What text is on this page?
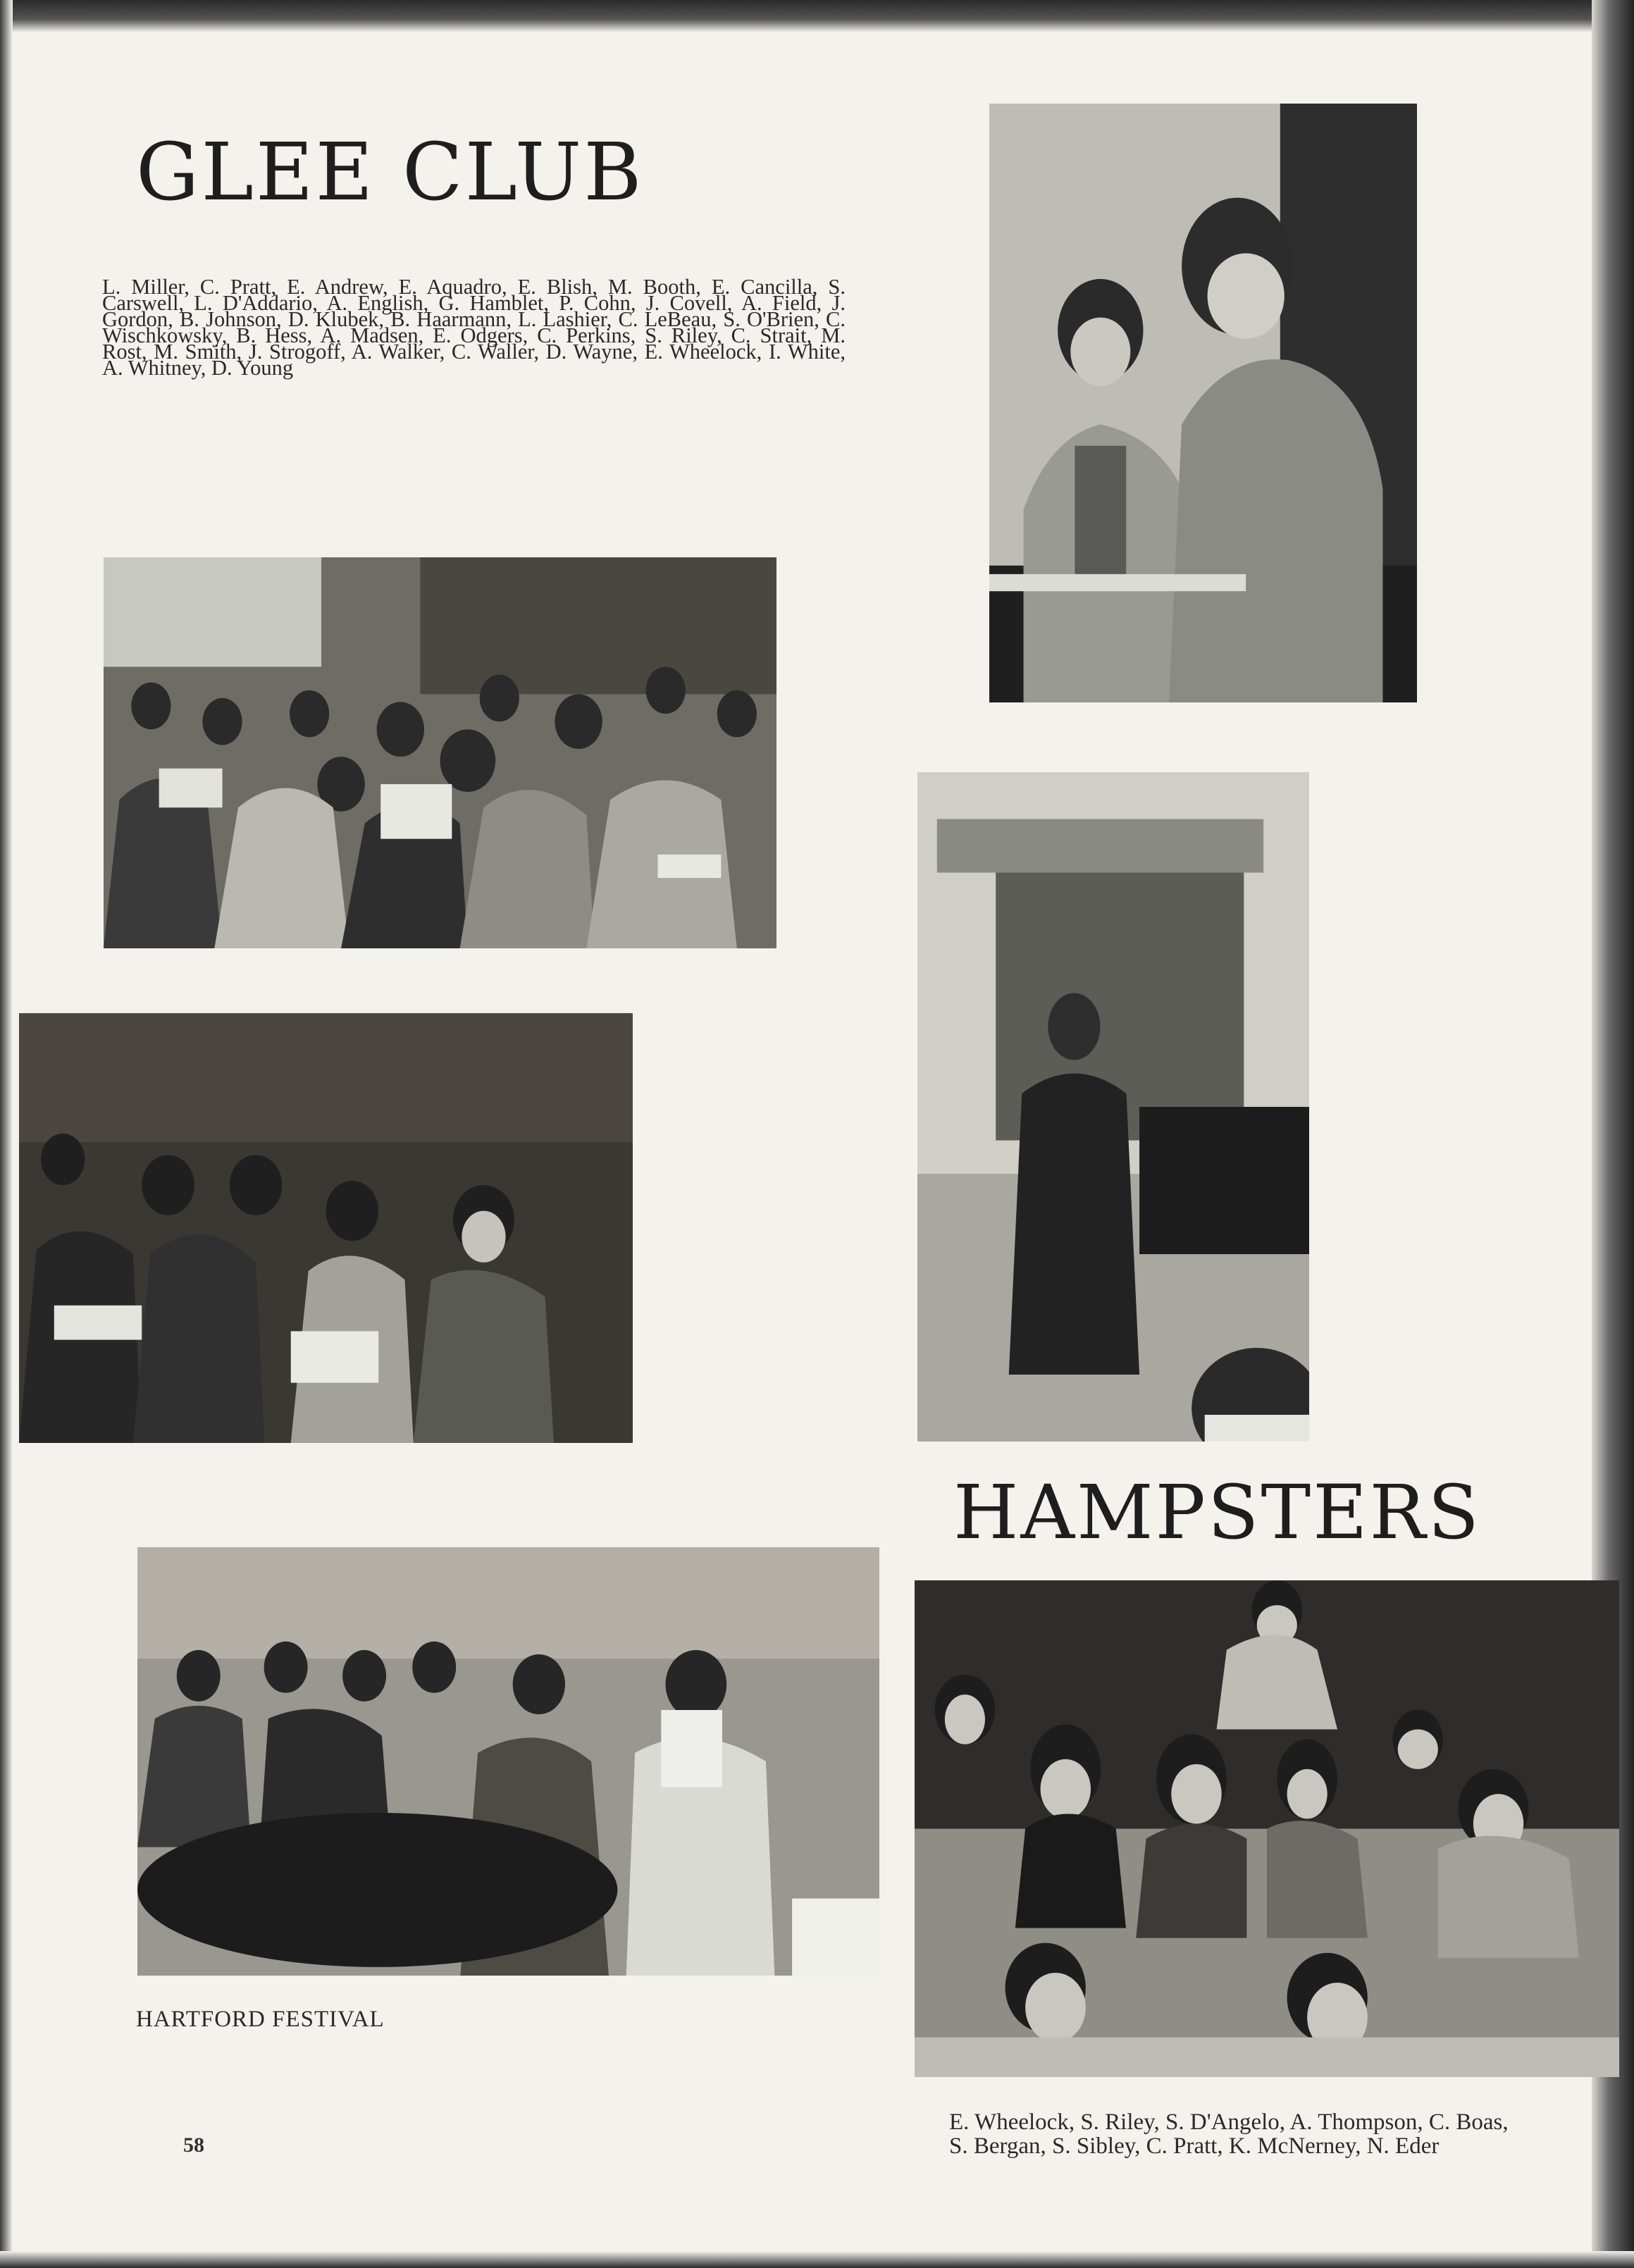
GLEE CLUB

L. Miller, C. Pratt, E. Andrew, E. Aquadro, E. Blish, M. Booth, E. Cancilla, S. Carswell, L. D'Addario, A. English, G. Hamblet, P. Cohn, J. Covell, A. Field, J. Gordon, B. Johnson, D. Klubek, B. Haarmann, L. Lashier, C. LeBeau, S. O'Brien, C. Wischkowsky, B. Hess, A. Madsen, E. Odgers, C. Perkins, S. Riley, C. Strait, M. Rost, M. Smith, J. Strogoff, A. Walker, C. Waller, D. Wayne, E. Wheelock, I. White, A. Whitney, D. Young

HARTFORD FESTIVAL

HAMPSTERS

E. Wheelock, S. Riley, S. D'Angelo, A. Thompson, C. Boas,
S. Bergan, S. Sibley, C. Pratt, K. McNerney, N. Eder

58
